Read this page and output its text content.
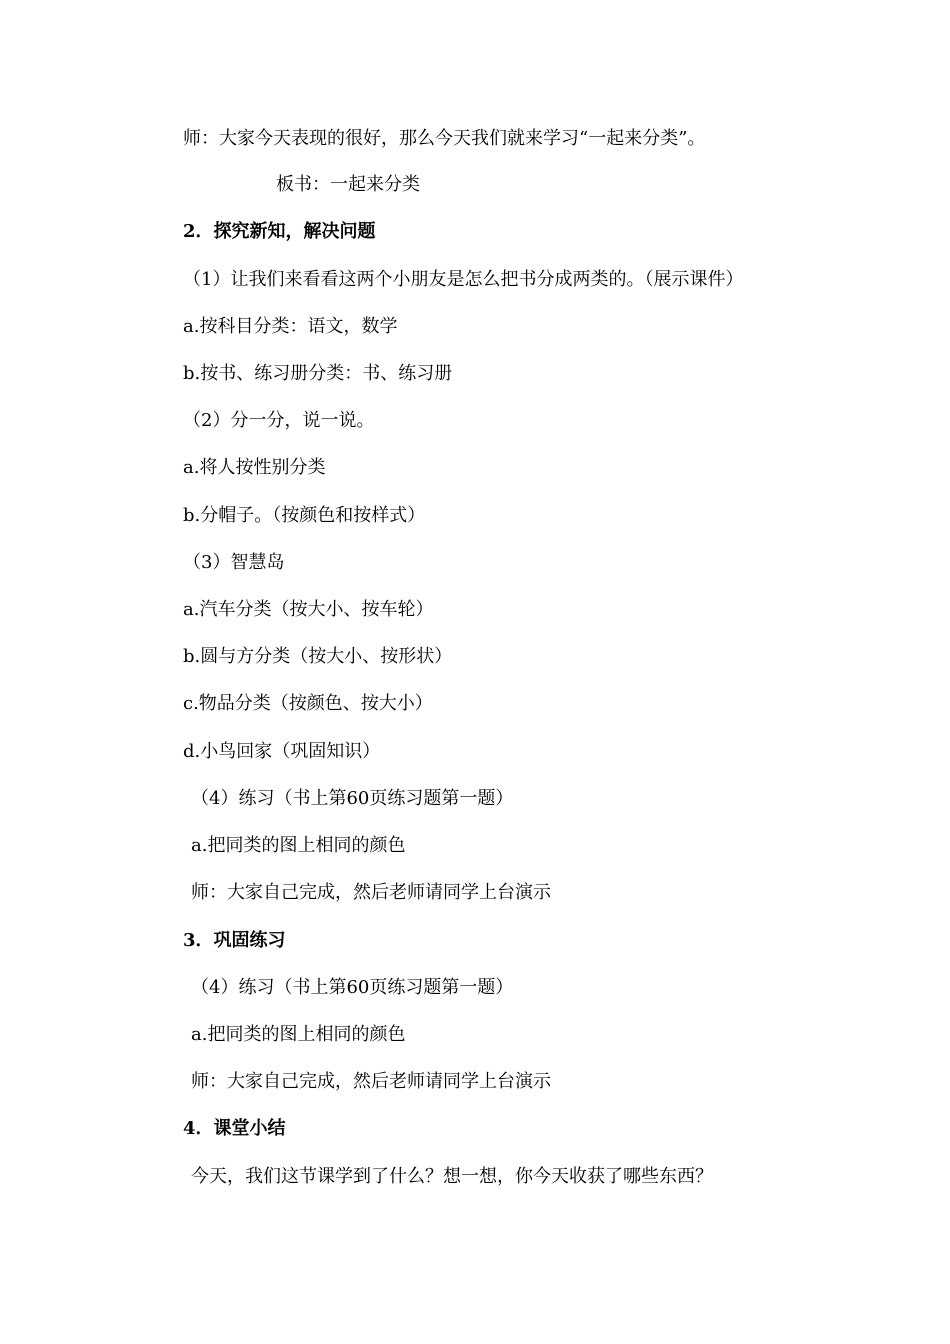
师：大家今天表现的很好，那么今天我们就来学习“一起来分类”。
板书：一起来分类
2．探究新知，解决问题
（1）让我们来看看这两个小朋友是怎么把书分成两类的。（展示课件）
a.按科目分类：语文，数学
b.按书、练习册分类：书、练习册
（2）分一分，说一说。
a.将人按性别分类
b.分帽子。（按颜色和按样式）
（3）智慧岛
a.汽车分类（按大小、按车轮）
b.圆与方分类（按大小、按形状）
c.物品分类（按颜色、按大小）
d.小鸟回家（巩固知识）
（4）练习（书上第60页练习题第一题）
a.把同类的图上相同的颜色
师：大家自己完成，然后老师请同学上台演示
3．巩固练习
（4）练习（书上第60页练习题第一题）
a.把同类的图上相同的颜色
师：大家自己完成，然后老师请同学上台演示
4．课堂小结
今天，我们这节课学到了什么？想一想，你今天收获了哪些东西？
